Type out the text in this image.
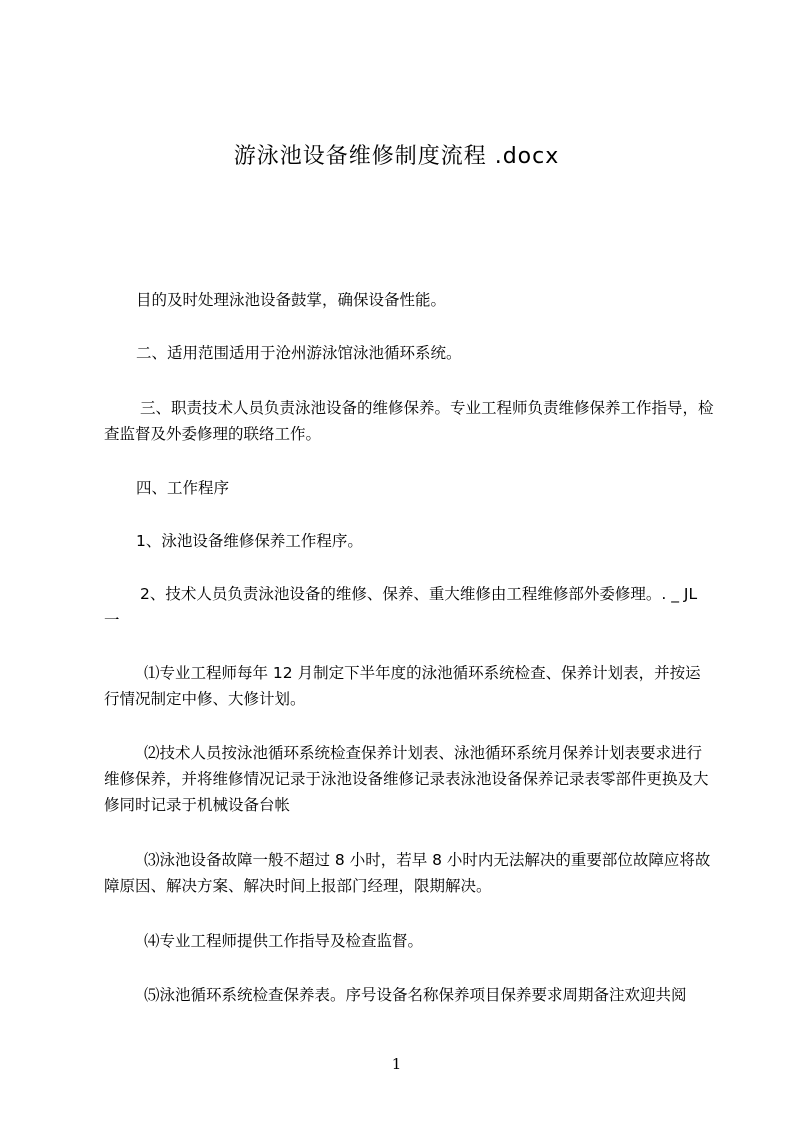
游泳池设备维修制度流程 .docx

目的及时处理泳池设备鼓掌，确保设备性能。

二、适用范围适用于沧州游泳馆泳池循环系统。

三、职责技术人员负责泳池设备的维修保养。专业工程师负责维修保养工作指导，检查监督及外委修理的联络工作。

四、工作程序

1、泳池设备维修保养工作程序。

2、技术人员负责泳池设备的维修、保养、重大维修由工程维修部外委修理。. _ JL 一

⑴专业工程师每年 12 月制定下半年度的泳池循环系统检查、保养计划表，并按运行情况制定中修、大修计划。

⑵技术人员按泳池循环系统检查保养计划表、泳池循环系统月保养计划表要求进行维修保养，并将维修情况记录于泳池设备维修记录表泳池设备保养记录表零部件更换及大修同时记录于机械设备台帐

⑶泳池设备故障一般不超过 8 小时，若早 8 小时内无法解决的重要部位故障应将故障原因、解决方案、解决时间上报部门经理，限期解决。

⑷专业工程师提供工作指导及检查监督。

⑸泳池循环系统检查保养表。序号设备名称保养项目保养要求周期备注欢迎共阅

1
